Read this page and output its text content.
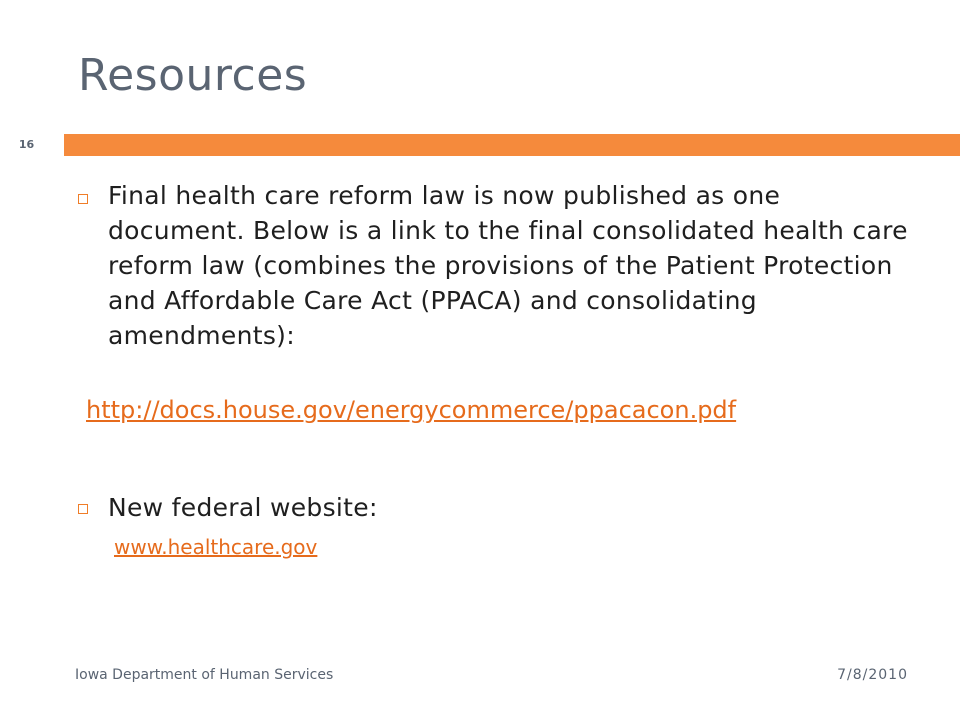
Resources
16
Final health care reform law is now published as one document. Below is a link to the final consolidated health care reform law (combines the provisions of the Patient Protection and Affordable Care Act (PPACA) and consolidating amendments):
http://docs.house.gov/energycommerce/ppacacon.pdf
New federal website:
www.healthcare.gov
Iowa Department of Human Services	7/8/2010
